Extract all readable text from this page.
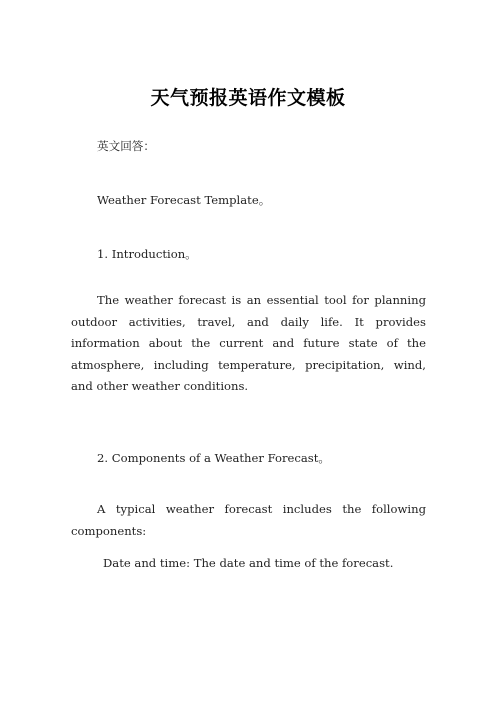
天气预报英语作文模板

英文回答：

Weather Forecast Template。

1. Introduction。

The weather forecast is an essential tool for planning outdoor activities, travel, and daily life. It provides information about the current and future state of the atmosphere, including temperature, precipitation, wind, and other weather conditions.

2. Components of a Weather Forecast。

A typical weather forecast includes the following components:

Date and time: The date and time of the forecast.
